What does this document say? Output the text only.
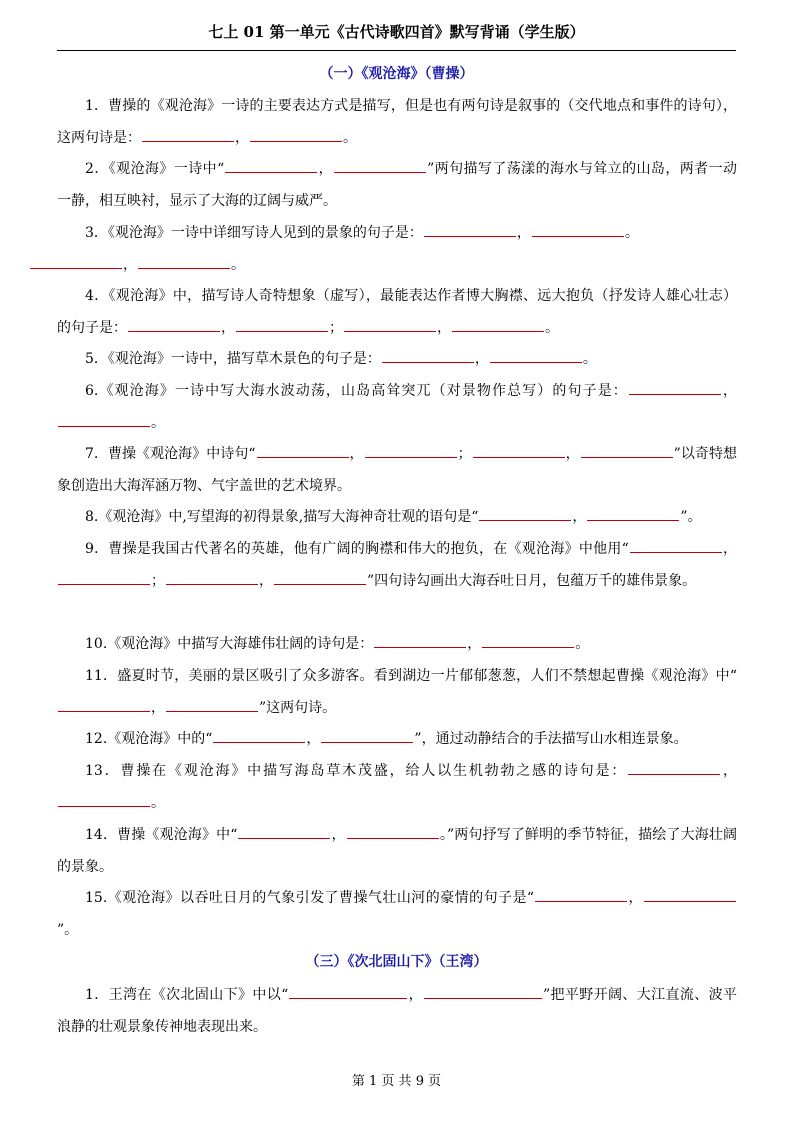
七上 01 第一单元《古代诗歌四首》默写背诵（学生版）
（一）《观沧海》（曹操）
1．曹操的《观沧海》一诗的主要表达方式是描写，但是也有两句诗是叙事的（交代地点和事件的诗句），这两句诗是：	，	。
2．《观沧海》一诗中“	，	”两句描写了荡漾的海水与耸立的山岛，两者一动一静，相互映衬，显示了大海的辽阔与威严。
3．《观沧海》一诗中详细写诗人见到的景象的句子是：	，	。
，	。
4．《观沧海》中，描写诗人奇特想象（虚写），最能表达作者博大胸襟、远大抱负（抒发诗人雄心壮志）的句子是：	，	；	，	。
5．《观沧海》一诗中，描写草木景色的句子是：	，	。
6.《观沧海》一诗中写大海水波动荡，山岛高耸突兀（对景物作总写）的句子是：	，。
7．曹操《观沧海》中诗句“	，	；	，	”以奇特想象创造出大海浑涵万物、气宇盖世的艺术境界。
8.《观沧海》中,写望海的初得景象,描写大海神奇壮观的语句是“	，	”。
9．曹操是我国古代著名的英雄，他有广阔的胸襟和伟大的抱负，在《观沧海》中他用“	，；	，	”四句诗勾画出大海吞吐日月，包蕴万千的雄伟景象。
10.《观沧海》中描写大海雄伟壮阔的诗句是：	，	。
11．盛夏时节，美丽的景区吸引了众多游客。看到湖边一片郁郁葱葱，人们不禁想起曹操《观沧海》中“，	”这两句诗。
12.《观沧海》中的“	，	”，通过动静结合的手法描写山水相连景象。
13．曹操在《观沧海》中描写海岛草木茂盛，给人以生机勃勃之感的诗句是：	，。
14．曹操《观沧海》中“	，	。”两句抒写了鲜明的季节特征，描绘了大海壮阔的景象。
15.《观沧海》以吞吐日月的气象引发了曹操气壮山河的豪情的句子是“	，”。
（三）《次北固山下》（王湾）
1．王湾在《次北固山下》中以“	，	”把平野开阔、大江直流、波平浪静的壮观景象传神地表现出来。
第 1 页 共 9 页
